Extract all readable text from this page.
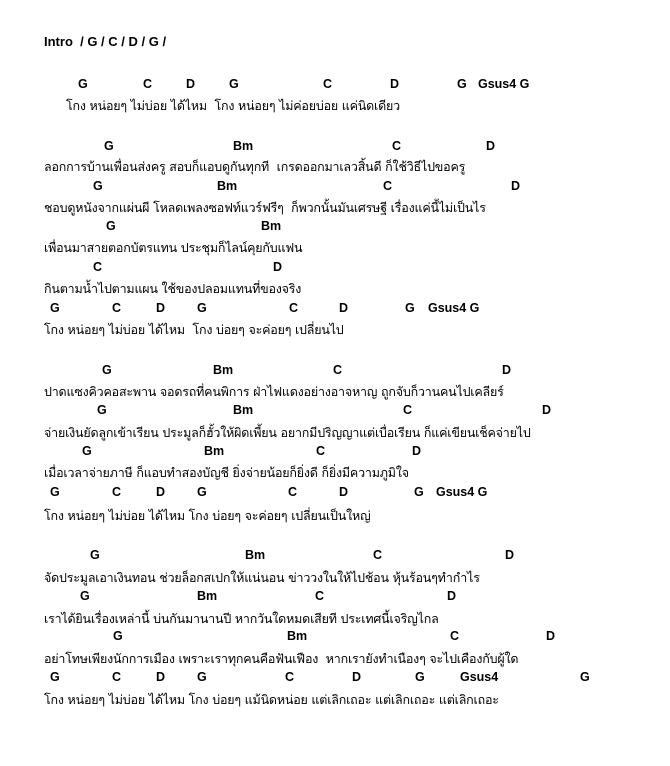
Intro  / G / C / D / G /
G	C	D	G	C	D	G Gsus4 G
โกง หน่อยๆ ไม่บ่อย ได้ไหม  โกง หน่อยๆ ไม่ค่อยบ่อย แค่นิดเดียว
G	Bm	C	D
ลอกการบ้านเพื่อนส่งครู สอบก็แอบดูกันทุกที  เกรดออกมาเลวสิ้นดี ก็ใช้วิธีไปขอครู
G	Bm	C	D
ชอบดูหนังจากแผ่นผี โหลดเพลงซอฟท์แวร์ฟรีๆ  ก็พวกนั้นมันเศรษฐี เรื่องแค่นี้ไม่เป็นไร
G	Bm
เพื่อนมาสายตอกบัตรแทน ประชุมก็ไลน์คุยกับแฟน
C	D
กินตามน้ำไปตามแผน ใช้ของปลอมแทนที่ของจริง
G	C	D	G	C	D	G Gsus4 G
โกง หน่อยๆ ไม่บ่อย ได้ไหม  โกง บ่อยๆ จะค่อยๆ เปลี่ยนไป
G	Bm	C	D
ปาดแซงคิวคอสะพาน จอดรถที่คนพิการ ฝ่าไฟแดงอย่างอาจหาญ ถูกจับก็วานคนไปเคลียร์
G	Bm	C	D
จ่ายเงินยัดลูกเข้าเรียน ประมูลก็ฮั้วให้ผิดเพี้ยน อยากมีปริญญาแต่เบื่อเรียน ก็แค่เขียนเช็คจ่ายไป
G	Bm	C	D
เมื่อเวลาจ่ายภาษี ก็แอบทำสองบัญชี ยิ่งจ่ายน้อยก็ยิ่งดี ก็ยิ่งมีความภูมิใจ
G	C	D	G	C	D	G Gsus4 G
โกง หน่อยๆ ไม่บ่อย ได้ไหม โกง บ่อยๆ จะค่อยๆ เปลี่ยนเป็นใหญ่
G	Bm	C	D
จัดประมูลเอาเงินทอน ช่วยล็อกสเปกให้แน่นอน ข่าววงในให้ไปช้อน หุ้นร้อนๆทำกำไร
G	Bm	C	D
เราได้ยินเรื่องเหล่านี้ บ่นกันมานานปี หากวันใดหมดเสียที ประเทศนี้เจริญไกล
G	Bm	C	D
อย่าโทษเพียงนักการเมือง เพราะเราทุกคนคือฟันเฟือง  หากเรายังทำเนืองๆ จะไปเคืองกับผู้ใด
G	C	D	G	C	D	G	Gsus4	G
โกง หน่อยๆ ไม่บ่อย ได้ไหม โกง บ่อยๆ แม้นิดหน่อย แต่เลิกเถอะ แต่เลิกเถอะ แต่เลิกเถอะ
